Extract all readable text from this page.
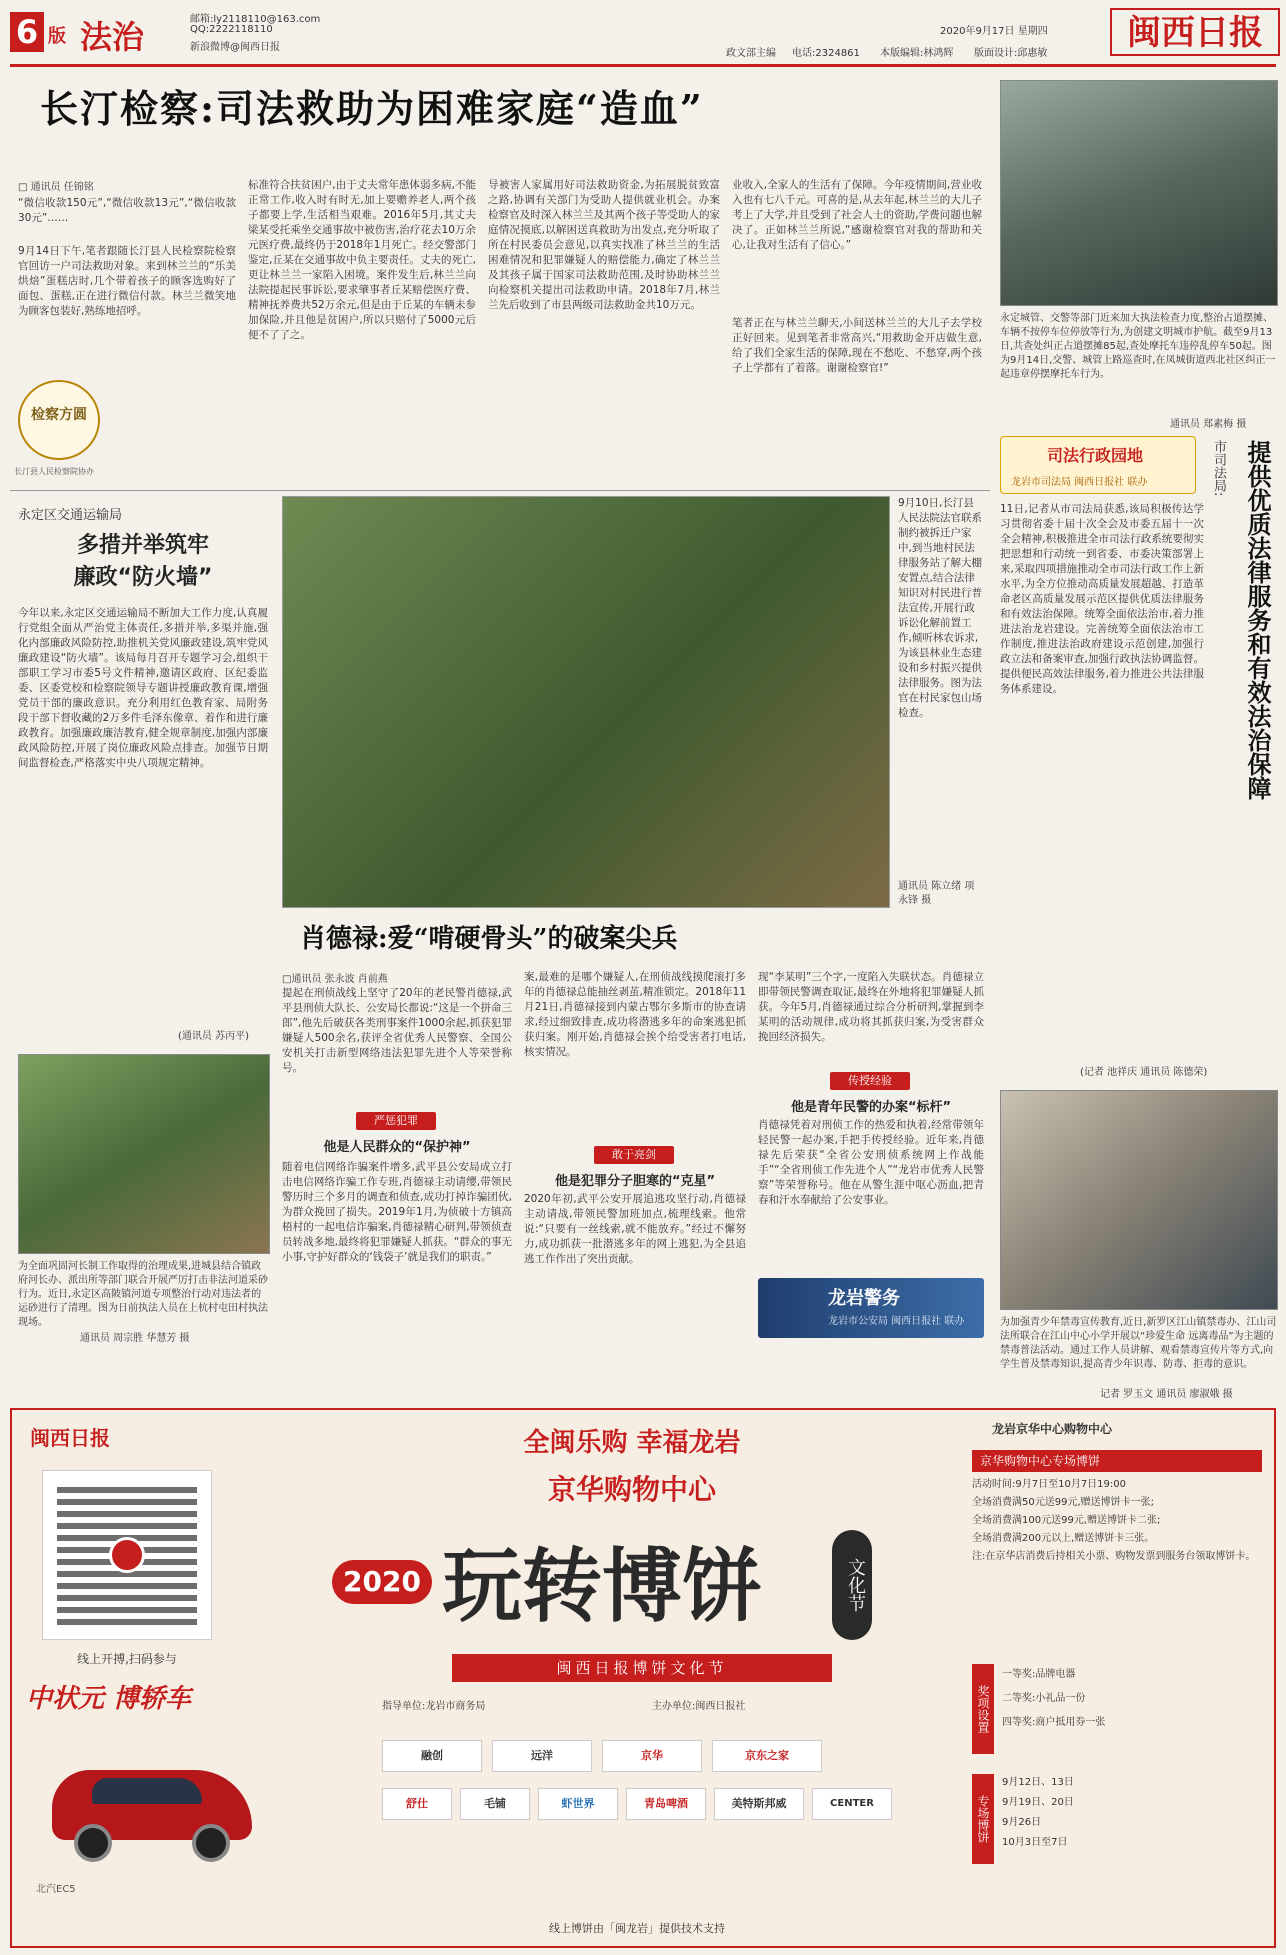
6 版 法治	邮箱:ly2118110@163.com
QQ:2222118110
新浪微博@闽西日报
政文部主编 电话:2324861 本版编辑:林鸿辉 版面设计:邱惠敏
2020年9月17日 星期四	闽西日报
长汀检察:司法救助为困难家庭“造血”
□ 通讯员 任锦铭
“微信收款150元”,“微信收款13元”,“微信收款30元”……
9月14日下午,笔者跟随长汀县人民检察院检察官回访一户司法救助对象。来到林兰兰的“乐美烘焙”蛋糕店时,几个带着孩子的顾客选购好了面包、蛋糕,正在进行微信付款。林兰兰微笑地为顾客包装好,熟练地招呼。
检察方圆
长汀县人民检察院协办
标准符合扶贫困户,由于丈夫常年患体弱多病,不能正常工作,收入时有时无,加上要赡养老人,两个孩子都要上学,生活相当艰难。2016年5月,其丈夫梁某受托乘坐交通事故中被伤害,治疗花去10万余元医疗费,最终仍于2018年1月死亡。经交警部门鉴定,丘某在交通事故中负主要责任。丈夫的死亡,更让林兰兰一家陷入困境。案件发生后,林兰兰向法院提起民事诉讼,要求肇事者丘某赔偿医疗费、精神抚养费共52万余元,但是由于丘某的车辆未参加保险,并且他是贫困户,所以只赔付了5000元后便不了了之。
导被害人家属用好司法救助资金,为拓展脱贫致富之路,协调有关部门为受助人提供就业机会。办案检察官及时深入林兰兰及其两个孩子等受助人的家庭情况摸底,以解困送真救助为出发点,充分听取了所在村民委员会意见,以真实找准了林兰兰的生活困难情况和犯罪嫌疑人的赔偿能力,确定了林兰兰及其孩子属于国家司法救助范围,及时协助林兰兰向检察机关提出司法救助申请。2018年7月,林兰兰先后收到了市县两级司法救助金共10万元。
业收入,全家人的生活有了保障。今年疫情期间,营业收入也有七八千元。可喜的是,从去年起,林兰兰的大儿子考上了大学,并且受到了社会人士的资助,学费问题也解决了。正如林兰兰所说,“感谢检察官对我的帮助和关心,让我对生活有了信心。”
笔者正在与林兰兰聊天,小间送林兰兰的大儿子去学校正好回来。见到笔者非常高兴,“用救助金开店做生意,给了我们全家生活的保障,现在不愁吃、不愁穿,两个孩子上学都有了着落。谢谢检察官!”
永定城管、交警等部门近来加大执法检查力度,整治占道摆摊、车辆不按停车位停放等行为,为创建文明城市护航。截至9月13日,共查处纠正占道摆摊85起,查处摩托车违停乱停车50起。图为9月14日,交警、城管上路巡查时,在凤城街道西北社区纠正一起违章停摆摩托车行为。
通讯员 郑素梅 摄
永定区交通运输局
多措并举筑牢
廉政“防火墙”
今年以来,永定区交通运输局不断加大工作力度,认真履行党组全面从严治党主体责任,多措并举,多渠并施,强化内部廉政风险防控,助推机关党风廉政建设,筑牢党风廉政建设“防火墙”。该局每月召开专题学习会,组织干部职工学习市委5号文件精神,邀请区政府、区纪委监委、区委党校和检察院领导专题讲授廉政教育课,增强党员干部的廉政意识。充分利用红色教育家、局附务段干部下督收藏的2万多件毛泽东像章、着作和进行廉政教育。加强廉政廉洁教育,健全规章制度,加强内部廉政风险防控,开展了岗位廉政风险点排查。加强节日期间监督检查,严格落实中央八项规定精神。
(通讯员 苏丙平)
为全面巩固河长制工作取得的治理成果,进城县结合镇政府河长办、派出所等部门联合开展严厉打击非法河道采砂行为。近日,永定区高陂镇河道专项整治行动对违法者的运砂进行了清理。图为日前执法人员在上杭村屯田村执法现场。
通讯员 周宗胜 华慧芳 摄
9月10日,长汀县人民法院法官联系制约被拆迁户家中,到当地村民法律服务站了解大棚安置点,结合法律知识对村民进行普法宣传,开展行政诉讼化解前置工作,倾听林农诉求,为该县林业生态建设和乡村振兴提供法律服务。图为法官在村民家包山场检查。
通讯员 陈立绪 项永锋 摄
肖德禄:爱“啃硬骨头”的破案尖兵
□通讯员 张永波 肖前燕
提起在刑侦战线上坚守了20年的老民警肖德禄,武平县刑侦大队长、公安局长都说:“这是一个拼命三郎”,他先后破获各类刑事案件1000余起,抓获犯罪嫌疑人500余名,获评全省优秀人民警察、全国公安机关打击新型网络违法犯罪先进个人等荣誉称号。
严惩犯罪
他是人民群众的“保护神”
随着电信网络诈骗案件增多,武平县公安局成立打击电信网络诈骗工作专班,肖德禄主动请缨,带领民警历时三个多月的调查和侦查,成功打掉诈骗团伙,为群众挽回了损失。2019年1月,为侦破十方镇高梧村的一起电信诈骗案,肖德禄精心研判,带领侦查员转战多地,最终将犯罪嫌疑人抓获。“群众的事无小事,守护好群众的‘钱袋子’就是我们的职责。”
案,最难的是哪个嫌疑人,在刑侦战线摸爬滚打多年的肖德禄总能抽丝剥茧,精准锁定。2018年11月21日,肖德禄接到内蒙古鄂尔多斯市的协查请求,经过细致排查,成功将潜逃多年的命案逃犯抓获归案。刚开始,肖德禄会挨个给受害者打电话,核实情况。
敢于亮剑
他是犯罪分子胆寒的“克星”
2020年初,武平公安开展追逃攻坚行动,肖德禄主动请战,带领民警加班加点,梳理线索。他常说:“只要有一丝线索,就不能放弃。”经过不懈努力,成功抓获一批潜逃多年的网上逃犯,为全县追逃工作作出了突出贡献。
现“李某明”三个字,一度陷入失联状态。肖德禄立即带领民警调查取证,最终在外地将犯罪嫌疑人抓获。今年5月,肖德禄通过综合分析研判,掌握到李某明的活动规律,成功将其抓获归案,为受害群众挽回经济损失。
传授经验
他是青年民警的办案“标杆”
肖德禄凭着对刑侦工作的热爱和执着,经常带领年轻民警一起办案,手把手传授经验。近年来,肖德禄先后荣获“全省公安刑侦系统网上作战能手”“全省刑侦工作先进个人”“龙岩市优秀人民警察”等荣誉称号。他在从警生涯中呕心沥血,把青春和汗水奉献给了公安事业。
龙岩警务
龙岩市公安局 闽西日报社 联办
司法行政园地
龙岩市司法局 闽西日报社 联办	市司法局: 提供优质法律服务和有效法治保障
11日,记者从市司法局获悉,该局积极传达学习贯彻省委十届十次全会及市委五届十一次全会精神,积极推进全市司法行政系统要彻实把思想和行动统一到省委、市委决策部署上来,采取四项措施推动全市司法行政工作上新水平,为全方位推动高质量发展超越、打造革命老区高质量发展示范区提供优质法律服务和有效法治保障。统筹全面依法治市,着力推进法治龙岩建设。完善统筹全面依法治市工作制度,推进法治政府建设示范创建,加强行政立法和备案审查,加强行政执法协调监督。提供便民高效法律服务,着力推进公共法律服务体系建设。
(记者 池祥庆 通讯员 陈德荣)
为加强青少年禁毒宣传教育,近日,新罗区江山镇禁毒办、江山司法所联合在江山中心小学开展以“珍爱生命 远离毒品”为主题的禁毒普法活动。通过工作人员讲解、观看禁毒宣传片等方式,向学生普及禁毒知识,提高青少年识毒、防毒、拒毒的意识。
记者 罗玉文 通讯员 廖淑娥 摄
闽西日报
线上开搏,扫码参与
中状元 博轿车
北汽EC5
全闽乐购 幸福龙岩
京华购物中心
2020 玩转博饼	文化节
闽西日报博饼文化节
指导单位:龙岩市商务局	主办单位:闽西日报社
融创	远洋	京华	京东之家
舒仕	毛铺	虾世界	青岛啤酒	美特斯邦威	CENTER
线上博饼由「闽龙岩」提供技术支持
龙岩京华中心购物中心
京华购物中心专场博饼
活动时间:9月7日至10月7日19:00
全场消费满50元送99元,赠送博饼卡一张;
全场消费满100元送99元,赠送博饼卡二张;
全场消费满200元以上,赠送博饼卡三张。
注:在京华店消费后持相关小票、购物发票到服务台领取博饼卡。
奖项设置
一等奖:品牌电器
二等奖:小礼品一份
四等奖:商户抵用券一张
专场博饼
9月12日、13日
9月19日、20日
9月26日
10月3日至7日
